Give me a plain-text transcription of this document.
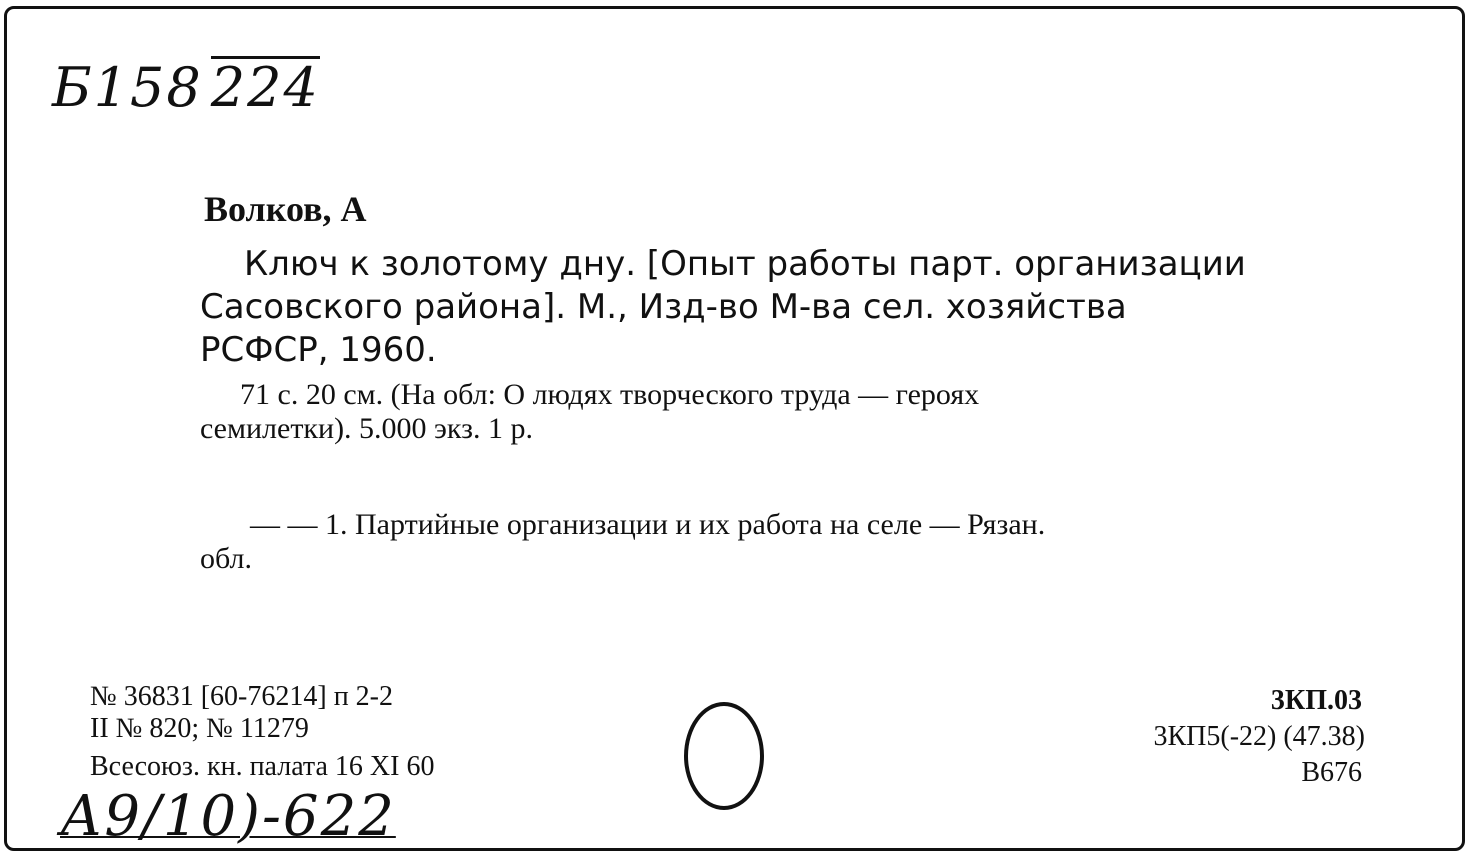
Б158 224
Волков, А
Ключ к золотому дну. [Опыт работы парт. организации
Сасовского района]. М., Изд-во М-ва сел. хозяйства
РСФСР, 1960.
71 с. 20 см. (На обл: О людях творческого труда — героях
семилетки). 5.000 экз. 1 р.
— — 1. Партийные организации и их работа на селе — Рязан.
обл.
№ 36831 [60-76214] п 2-2
II № 820; № 11279
Всесоюз. кн. палата 16 XI 60
3КП.03
3КП5(-22) (47.38)
В676
А9/10)-622
